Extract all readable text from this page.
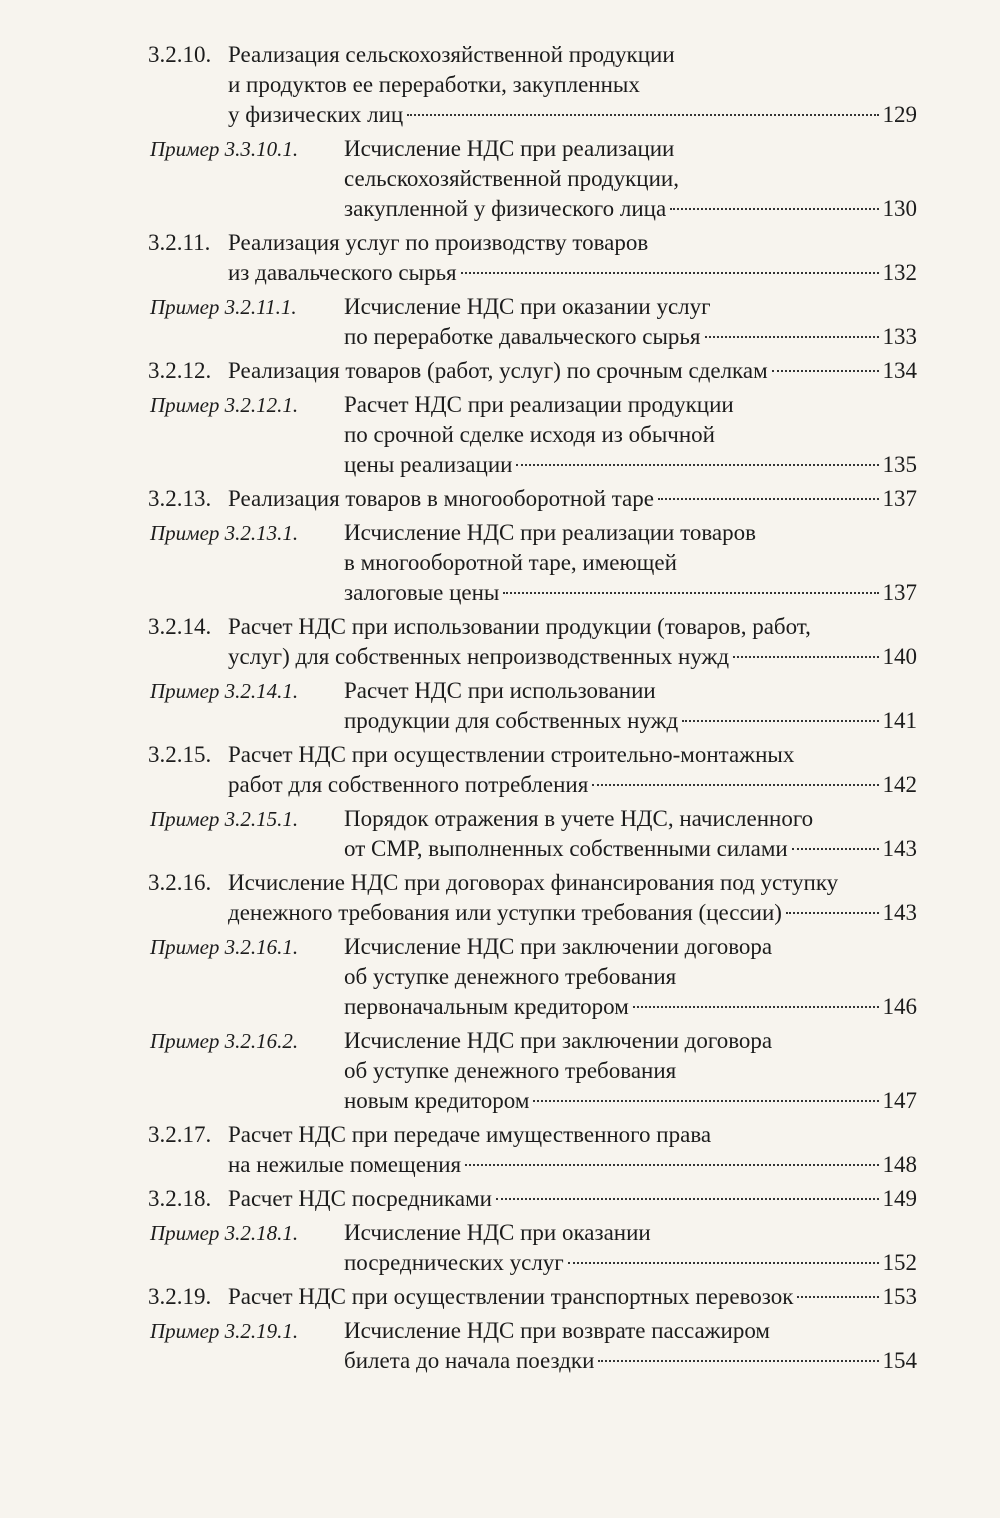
3.2.10. Реализация сельскохозяйственной продукции
и продуктов ее переработки, закупленных
у физических лиц	129
Пример 3.3.10.1. Исчисление НДС при реализации
сельскохозяйственной продукции,
закупленной у физического лица	130
3.2.11. Реализация услуг по производству товаров
из давальческого сырья	132
Пример 3.2.11.1. Исчисление НДС при оказании услуг
по переработке давальческого сырья	133
3.2.12. Реализация товаров (работ, услуг) по срочным сделкам	134
Пример 3.2.12.1. Расчет НДС при реализации продукции
по срочной сделке исходя из обычной
цены реализации	135
3.2.13. Реализация товаров в многооборотной таре	137
Пример 3.2.13.1. Исчисление НДС при реализации товаров
в многооборотной таре, имеющей
залоговые цены	137
3.2.14. Расчет НДС при использовании продукции (товаров, работ,
услуг) для собственных непроизводственных нужд	140
Пример 3.2.14.1. Расчет НДС при использовании
продукции для собственных нужд	141
3.2.15. Расчет НДС при осуществлении строительно-монтажных
работ для собственного потребления	142
Пример 3.2.15.1. Порядок отражения в учете НДС, начисленного
от СМР, выполненных собственными силами	143
3.2.16. Исчисление НДС при договорах финансирования под уступку
денежного требования или уступки требования (цессии)	143
Пример 3.2.16.1. Исчисление НДС при заключении договора
об уступке денежного требования
первоначальным кредитором	146
Пример 3.2.16.2. Исчисление НДС при заключении договора
об уступке денежного требования
новым кредитором	147
3.2.17. Расчет НДС при передаче имущественного права
на нежилые помещения	148
3.2.18. Расчет НДС посредниками	149
Пример 3.2.18.1. Исчисление НДС при оказании
посреднических услуг	152
3.2.19. Расчет НДС при осуществлении транспортных перевозок	153
Пример 3.2.19.1. Исчисление НДС при возврате пассажиром
билета до начала поездки	154
